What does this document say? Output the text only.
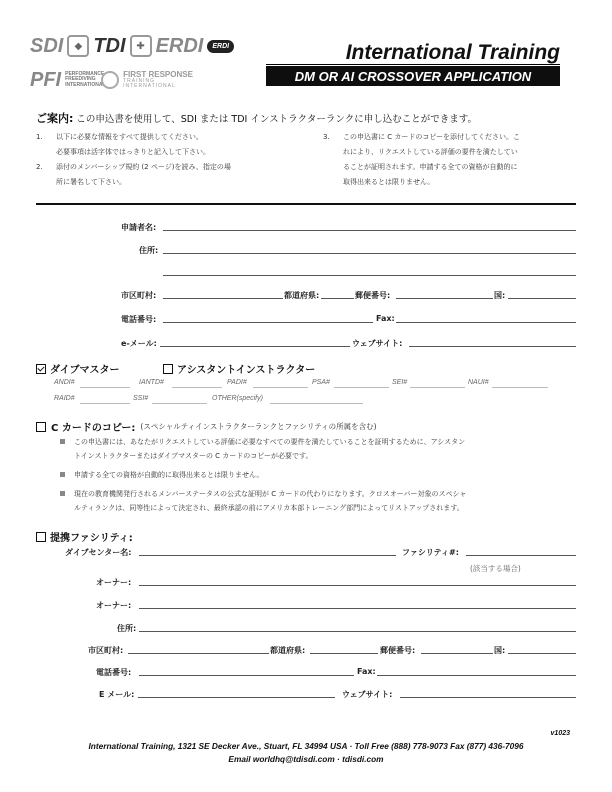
SDI	◆ TDI	✚ ERDI	ERDI
PFI PERFORMANCE FREEDIVING INTERNATIONAL
FIRST RESPONSE
TRAINING
INTERNATIONAL
International Training
DM OR AI CROSSOVER APPLICATION
ご案内: この申込書を使用して、SDI または TDI インストラクターランクに申し込むことができます。
1. 以下に必要な情報をすべて提供してください。
必要事項は活字体ではっきりと記入して下さい。
2. 添付のメンバーシップ規約 (2 ページ)を読み、指定の場
所に署名して下さい。
3. この申込書に C カードのコピーを添付してください。こ
れにより、リクエストしている評価の要件を満たしてい
ることが証明されます。申請する全ての資格が自動的に
取得出来るとは限りません。
申請者名:
住所:
市区町村:	都道府県:	郵便番号:	国:
電話番号:	Fax:
e-メール:	ウェブサイト:
ダイブマスター	アシスタントインストラクター
ANDI#	IANTD#	PADI#	PSA#	SEI#	NAUI#
RAID#	SSI#	OTHER(specify)
C カードのコピー: (スペシャルティインストラクターランクとファシリティの所属を含む)
この申込書には、あなたがリクエストしている評価に必要なすべての要件を満たしていることを証明するために、アシスタン
トインストラクターまたはダイブマスターの C カードのコピーが必要です。
申請する全ての資格が自動的に取得出来るとは限りません。
現在の教育機関発行されるメンバーステータスの公式な証明が C カードの代わりになります。クロスオーバー対象のスペシャ
ルティランクは、同等性によって決定され、最終承認の前にアメリカ本部トレーニング部門によってリストアップされます。
提携ファシリティ:
ダイブセンター名:	ファシリティ#:
(該当する場合)
オーナー:
オーナー:
住所:
市区町村:	都道府県:	郵便番号:	国:
電話番号:	Fax:
E メール:	ウェブサイト:
v1023
International Training, 1321 SE Decker Ave., Stuart, FL 34994 USA · Toll Free (888) 778-9073 Fax (877) 436-7096
Email worldhq@tdisdi.com · tdisdi.com
